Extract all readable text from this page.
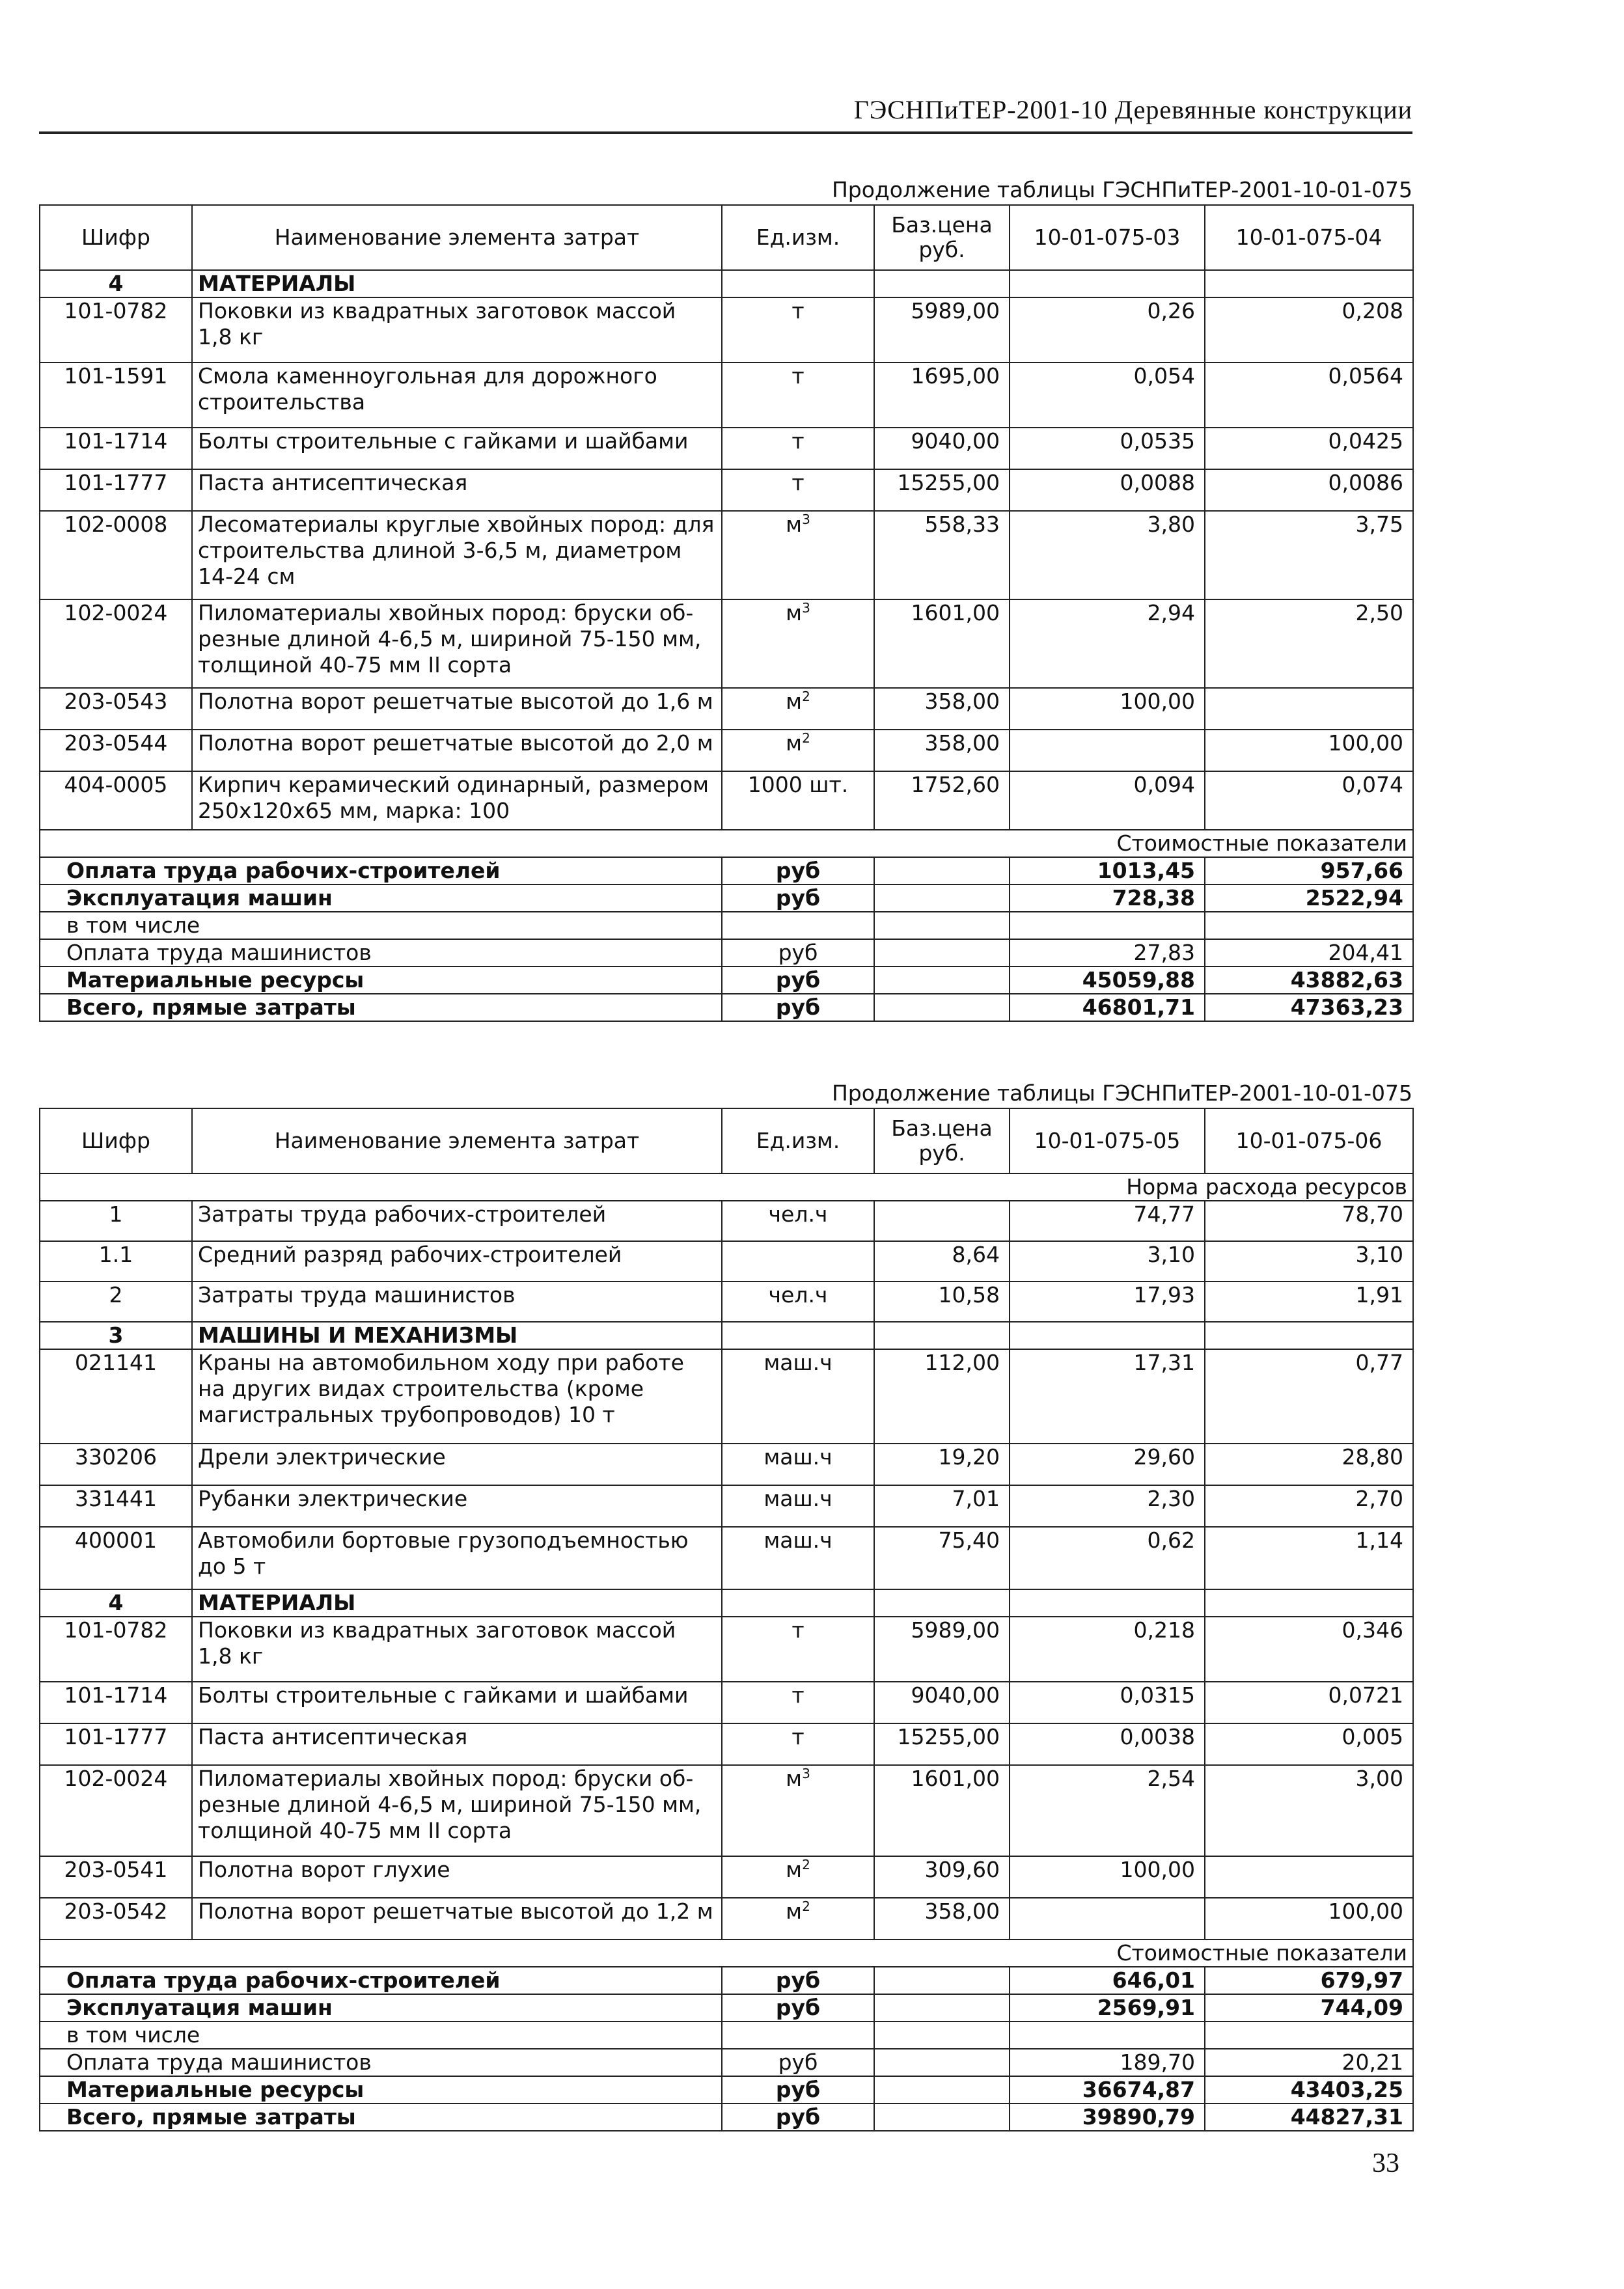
ГЭСНПиТЕР-2001-10 Деревянные конструкции
Продолжение таблицы ГЭСНПиТЕР-2001-10-01-075
Шифр	Наименование элемента затрат	Ед.изм.	Баз.цена руб.	10-01-075-03	10-01-075-04
4	МАТЕРИАЛЫ				
101-0782	Поковки из квадратных заготовок массой 1,8 кг	т	5989,00	0,26	0,208
101-1591	Смола каменноугольная для дорожного строительства	т	1695,00	0,054	0,0564
101-1714	Болты строительные с гайками и шайбами	т	9040,00	0,0535	0,0425
101-1777	Паста антисептическая	т	15255,00	0,0088	0,0086
102-0008	Лесоматериалы круглые хвойных пород: для строительства длиной 3-6,5 м, диаметром 14-24 см	$м^3$	558,33	3,80	3,75
102-0024	Пиломатериалы хвойных пород: бруски об-резные длиной 4-6,5 м, шириной 75-150 мм, толщиной 40-75 мм II сорта	$м^3$	1601,00	2,94	2,50
203-0543	Полотна ворот решетчатые высотой до 1,6 м	$м^2$	358,00	100,00	
203-0544	Полотна ворот решетчатые высотой до 2,0 м	$м^2$	358,00		100,00
404-0005	Кирпич керамический одинарный, размером 250х120х65 мм, марка: 100	1000 шт.	1752,60	0,094	0,074
Стоимостные показатели					
Оплата труда рабочих-строителей		руб		1013,45	957,66
Эксплуатация машин		руб		728,38	2522,94
в том числе					
Оплата труда машинистов		руб		27,83	204,41
Материальные ресурсы		руб		45059,88	43882,63
Всего, прямые затраты		руб		46801,71	47363,23
Продолжение таблицы ГЭСНПиТЕР-2001-10-01-075
Шифр	Наименование элемента затрат	Ед.изм.	Баз.цена руб.	10-01-075-05	10-01-075-06
Норма расхода ресурсов					
1	Затраты труда рабочих-строителей	чел.ч		74,77	78,70
1.1	Средний разряд рабочих-строителей		8,64	3,10	3,10
2	Затраты труда машинистов	чел.ч	10,58	17,93	1,91
3	МАШИНЫ И МЕХАНИЗМЫ				
021141	Краны на автомобильном ходу при работе на других видах строительства (кроме магистральных трубопроводов) 10 т	маш.ч	112,00	17,31	0,77
330206	Дрели электрические	маш.ч	19,20	29,60	28,80
331441	Рубанки электрические	маш.ч	7,01	2,30	2,70
400001	Автомобили бортовые грузоподъемностью до 5 т	маш.ч	75,40	0,62	1,14
4	МАТЕРИАЛЫ				
101-0782	Поковки из квадратных заготовок массой 1,8 кг	т	5989,00	0,218	0,346
101-1714	Болты строительные с гайками и шайбами	т	9040,00	0,0315	0,0721
101-1777	Паста антисептическая	т	15255,00	0,0038	0,005
102-0024	Пиломатериалы хвойных пород: бруски об-резные длиной 4-6,5 м, шириной 75-150 мм, толщиной 40-75 мм II сорта	$м^3$	1601,00	2,54	3,00
203-0541	Полотна ворот глухие	$м^2$	309,60	100,00	
203-0542	Полотна ворот решетчатые высотой до 1,2 м	$м^2$	358,00		100,00
Стоимостные показатели					
Оплата труда рабочих-строителей		руб		646,01	679,97
Эксплуатация машин		руб		2569,91	744,09
в том числе					
Оплата труда машинистов		руб		189,70	20,21
Материальные ресурсы		руб		36674,87	43403,25
Всего, прямые затраты		руб		39890,79	44827,31
33
